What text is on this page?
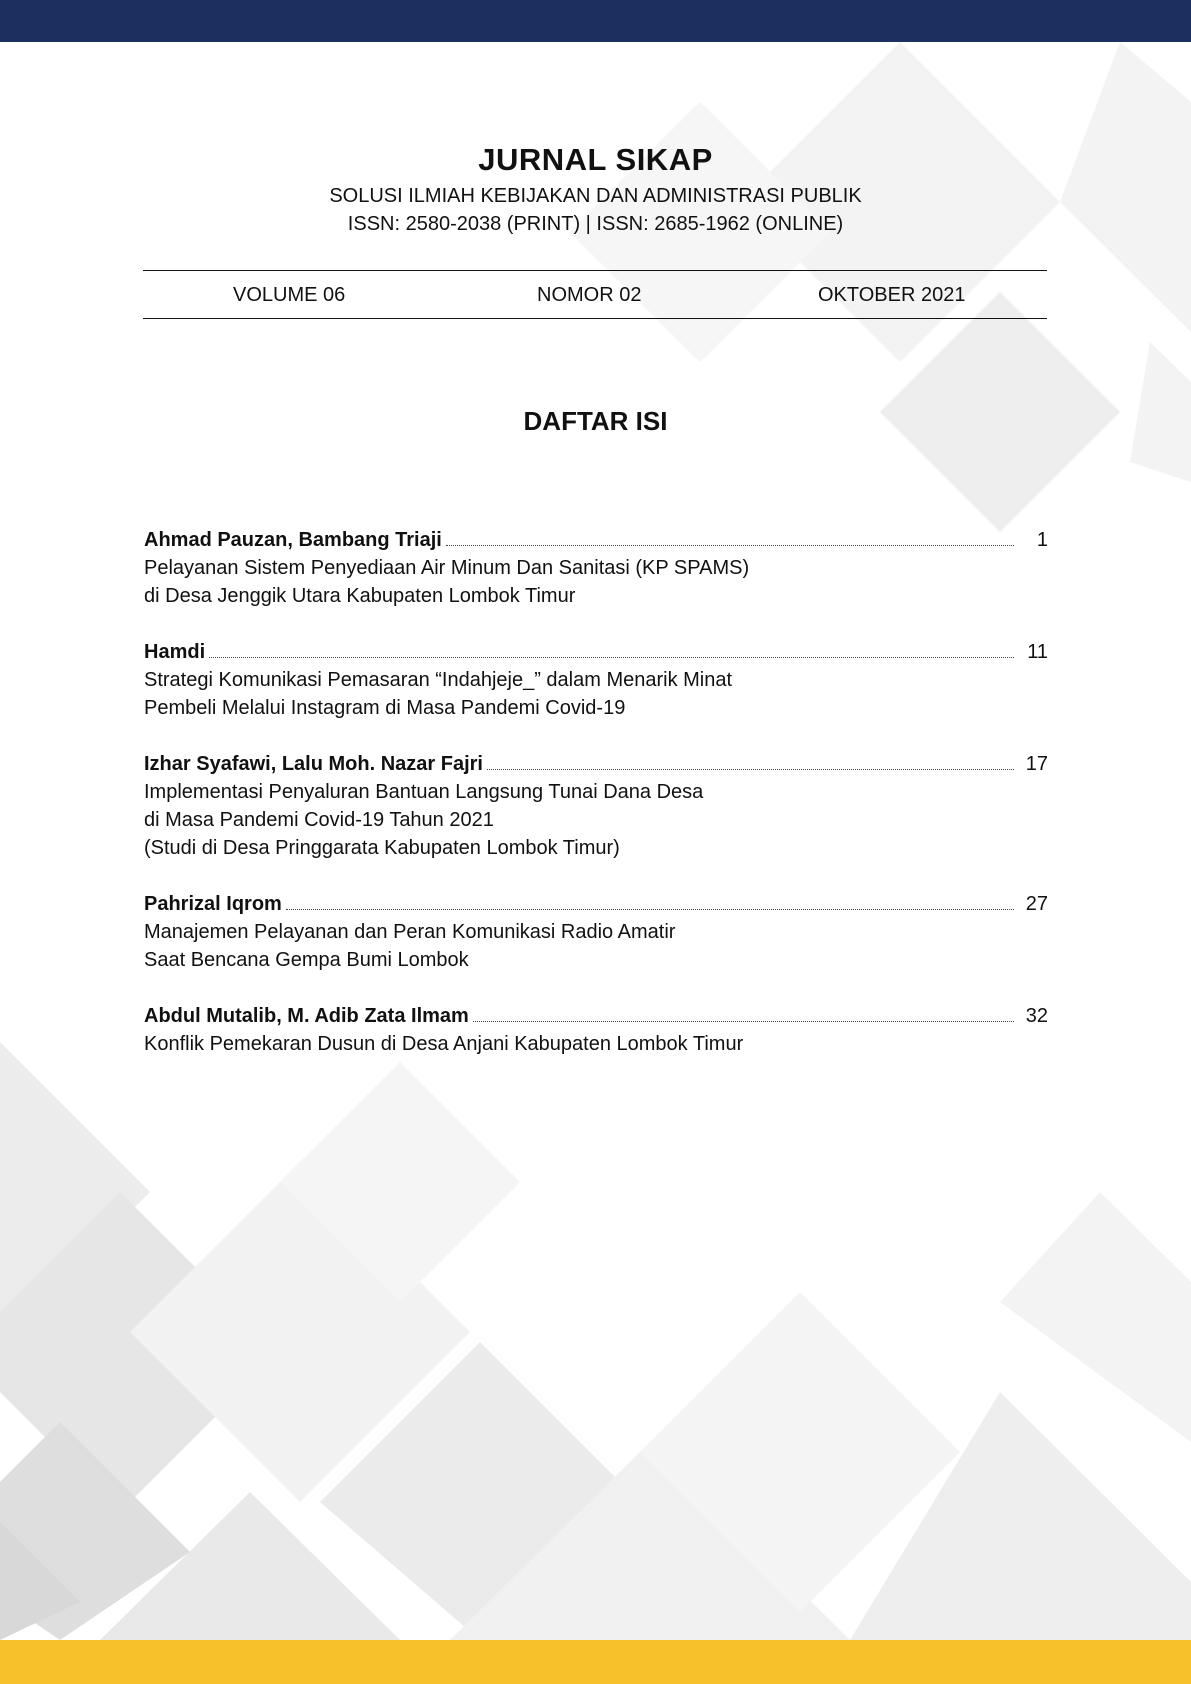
JURNAL SIKAP
SOLUSI ILMIAH KEBIJAKAN DAN ADMINISTRASI PUBLIK
ISSN: 2580-2038 (PRINT) | ISSN: 2685-1962 (ONLINE)
VOLUME 06	NOMOR 02	OKTOBER 2021
DAFTAR ISI
Ahmad Pauzan, Bambang Triaji	1
Pelayanan Sistem Penyediaan Air Minum Dan Sanitasi (KP SPAMS)
di Desa Jenggik Utara Kabupaten Lombok Timur
Hamdi	11
Strategi Komunikasi Pemasaran “Indahjeje_” dalam Menarik Minat
Pembeli Melalui Instagram di Masa Pandemi Covid-19
Izhar Syafawi, Lalu Moh. Nazar Fajri	17
Implementasi Penyaluran Bantuan Langsung Tunai Dana Desa
di Masa Pandemi Covid-19 Tahun 2021
(Studi di Desa Pringgarata Kabupaten Lombok Timur)
Pahrizal Iqrom	27
Manajemen Pelayanan dan Peran Komunikasi Radio Amatir
Saat Bencana Gempa Bumi Lombok
Abdul Mutalib, M. Adib Zata Ilmam	32
Konflik Pemekaran Dusun di Desa Anjani Kabupaten Lombok Timur
